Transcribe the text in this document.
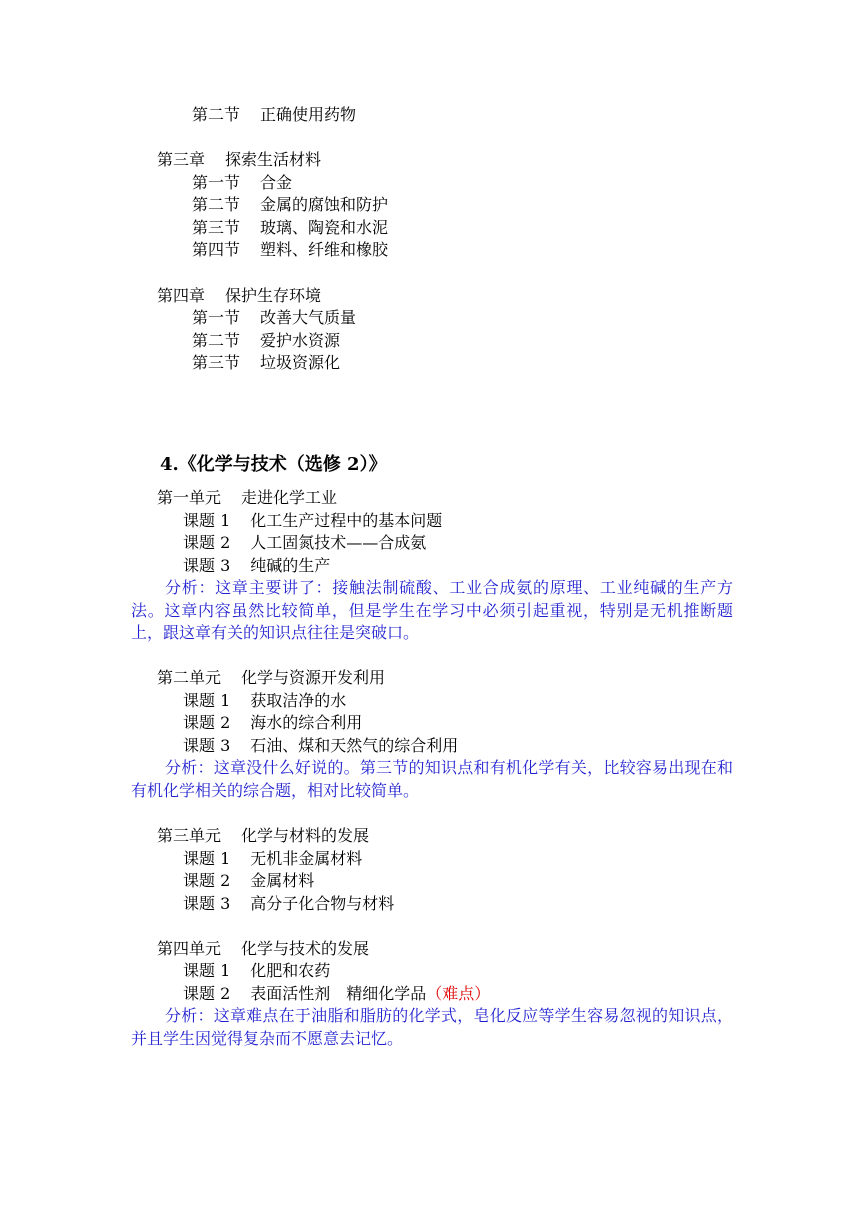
第二节 正确使用药物
第三章 探索生活材料
第一节 合金
第二节 金属的腐蚀和防护
第三节 玻璃、陶瓷和水泥
第四节 塑料、纤维和橡胶
第四章 保护生存环境
第一节 改善大气质量
第二节 爱护水资源
第三节 垃圾资源化
4.《化学与技术（选修 2）》
第一单元 走进化学工业
课题 1 化工生产过程中的基本问题
课题 2 人工固氮技术——合成氨
课题 3 纯碱的生产
分析：这章主要讲了：接触法制硫酸、工业合成氨的原理、工业纯碱的生产方法。这章内容虽然比较简单，但是学生在学习中必须引起重视，特别是无机推断题上，跟这章有关的知识点往往是突破口。
第二单元 化学与资源开发利用
课题 1 获取洁净的水
课题 2 海水的综合利用
课题 3 石油、煤和天然气的综合利用
分析：这章没什么好说的。第三节的知识点和有机化学有关，比较容易出现在和有机化学相关的综合题，相对比较简单。
第三单元 化学与材料的发展
课题 1 无机非金属材料
课题 2 金属材料
课题 3 高分子化合物与材料
第四单元 化学与技术的发展
课题 1 化肥和农药
课题 2 表面活性剂　精细化学品（难点）
分析：这章难点在于油脂和脂肪的化学式，皂化反应等学生容易忽视的知识点，并且学生因觉得复杂而不愿意去记忆。
